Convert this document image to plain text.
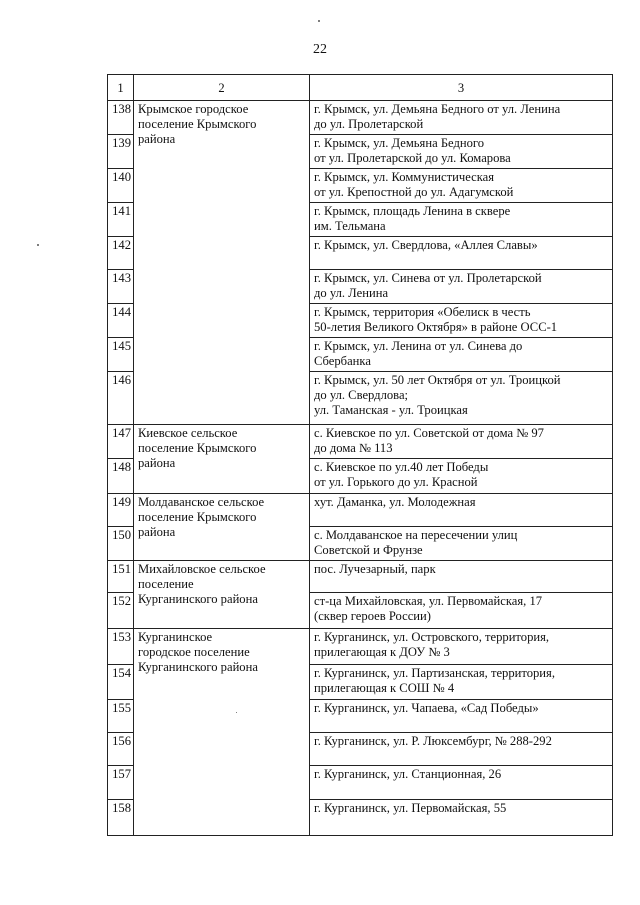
22
1	2	3
138	Крымское городское
поселение Крымского
района	г. Крымск, ул. Демьяна Бедного от ул. Ленина
до ул. Пролетарской

139		г. Крымск, ул. Демьяна Бедного
от ул. Пролетарской до ул. Комарова

140		г. Крымск, ул. Коммунистическая
от ул. Крепостной до ул. Адагумской

141		г. Крымск, площадь Ленина в сквере
им. Тельмана

142		г. Крымск, ул. Свердлова, «Аллея Славы»

143		г. Крымск, ул. Синева от ул. Пролетарской
до ул. Ленина

144		г. Крымск, территория «Обелиск в честь
50-летия Великого Октября» в районе ОСС-1

145		г. Крымск, ул. Ленина от ул. Синева до
Сбербанка

146		г. Крымск, ул. 50 лет Октября от ул. Троицкой
до ул. Свердлова;
ул. Таманская - ул. Троицкая

147	Киевское сельское
поселение Крымского
района	с. Киевское по ул. Советской от дома № 97
до дома № 113

148		с. Киевское по ул.40 лет Победы
от ул. Горького до ул. Красной

149	Молдаванское сельское
поселение Крымского
района	хут. Даманка, ул. Молодежная

150		с. Молдаванское на пересечении улиц
Советской и Фрунзе

151	Михайловское сельское
поселение
Курганинского района	пос. Лучезарный, парк

152		ст-ца Михайловская, ул. Первомайская, 17
(сквер героев России)

153	Курганинское
городское поселение
Курганинского района	г. Курганинск, ул. Островского, территория,
прилегающая к ДОУ № 3

154		г. Курганинск, ул. Партизанская, территория,
прилегающая к СОШ № 4

155		г. Курганинск, ул. Чапаева, «Сад Победы»

156		г. Курганинск, ул. Р. Люксембург, № 288-292

157		г. Курганинск, ул. Станционная, 26

158		г. Курганинск, ул. Первомайская, 55
